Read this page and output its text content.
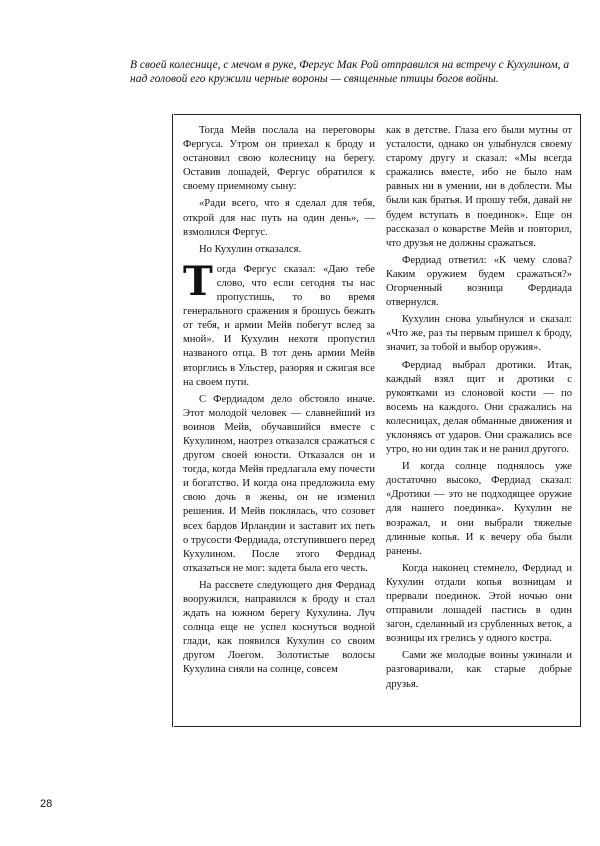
В своей колеснице, с мечом в руке, Фергус Мак Рой отправился на встречу с Кухулином, а над головой его кружили черные вороны — священные птицы богов войны.

Тогда Мейв послала на переговоры Фергуса. Утром он приехал к броду и остановил свою колесницу на берегу. Оставив лошадей, Фергус обратился к своему приемному сыну:

«Ради всего, что я сделал для тебя, открой для нас путь на один день», — взмолился Фергус.

Но Кухулин отказался.

Тогда Фергус сказал: «Даю тебе слово, что если сегодня ты нас пропустишь, то во время генерального сражения я брошусь бежать от тебя, и армии Мейв побегут вслед за мной». И Кухулин нехотя пропустил названого отца. В тот день армии Мейв вторглись в Ульстер, разоряя и сжигая все на своем пути.

С Фердиадом дело обстояло иначе. Этот молодой человек — славнейший из воинов Мейв, обучавшийся вместе с Кухулином, наотрез отказался сражаться с другом своей юности. Отказался он и тогда, когда Мейв предлагала ему почести и богатство. И когда она предложила ему свою дочь в жены, он не изменил решения. И Мейв поклялась, что созовет всех бардов Ирландии и заставит их петь о трусости Фердиада, отступившего перед Кухулином. После этого Фердиад отказаться не мог: задета была его честь.

На рассвете следующего дня Фердиад вооружился, направился к броду и стал ждать на южном берегу Кухулина. Луч солнца еще не успел коснуться водной глади, как появился Кухулин со своим другом Лоегом. Золотистые волосы Кухулина сияли на солнце, совсем

как в детстве. Глаза его были мутны от усталости, однако он улыбнулся своему старому другу и сказал: «Мы всегда сражались вместе, ибо не было нам равных ни в умении, ни в доблести. Мы были как братья. И прошу тебя, давай не будем вступать в поединок». Еще он рассказал о коварстве Мейв и повторил, что друзья не должны сражаться.

Фердиад ответил: «К чему слова? Каким оружием будем сражаться?» Огорченный возница Фердиада отвернулся.

Кухулин снова улыбнулся и сказал: «Что же, раз ты первым пришел к броду, значит, за тобой и выбор оружия».

Фердиад выбрал дротики. Итак, каждый взял щит и дротики с рукоятками из слоновой кости — по восемь на каждого. Они сражались на колесницах, делая обманные движения и уклоняясь от ударов. Они сражались все утро, но ни один так и не ранил другого.

И когда солнце поднялось уже достаточно высоко, Фердиад сказал: «Дротики — это не подходящее оружие для нашего поединка». Кухулин не возражал, и они выбрали тяжелые длинные копья. И к вечеру оба были ранены.

Когда наконец стемнело, Фердиад и Кухулин отдали копья возницам и прервали поединок. Этой ночью они отправили лошадей пастись в один загон, сделанный из срубленных веток, а возницы их грелись у одного костра.

Сами же молодые воины ужинали и разговаривали, как старые добрые друзья.

28
